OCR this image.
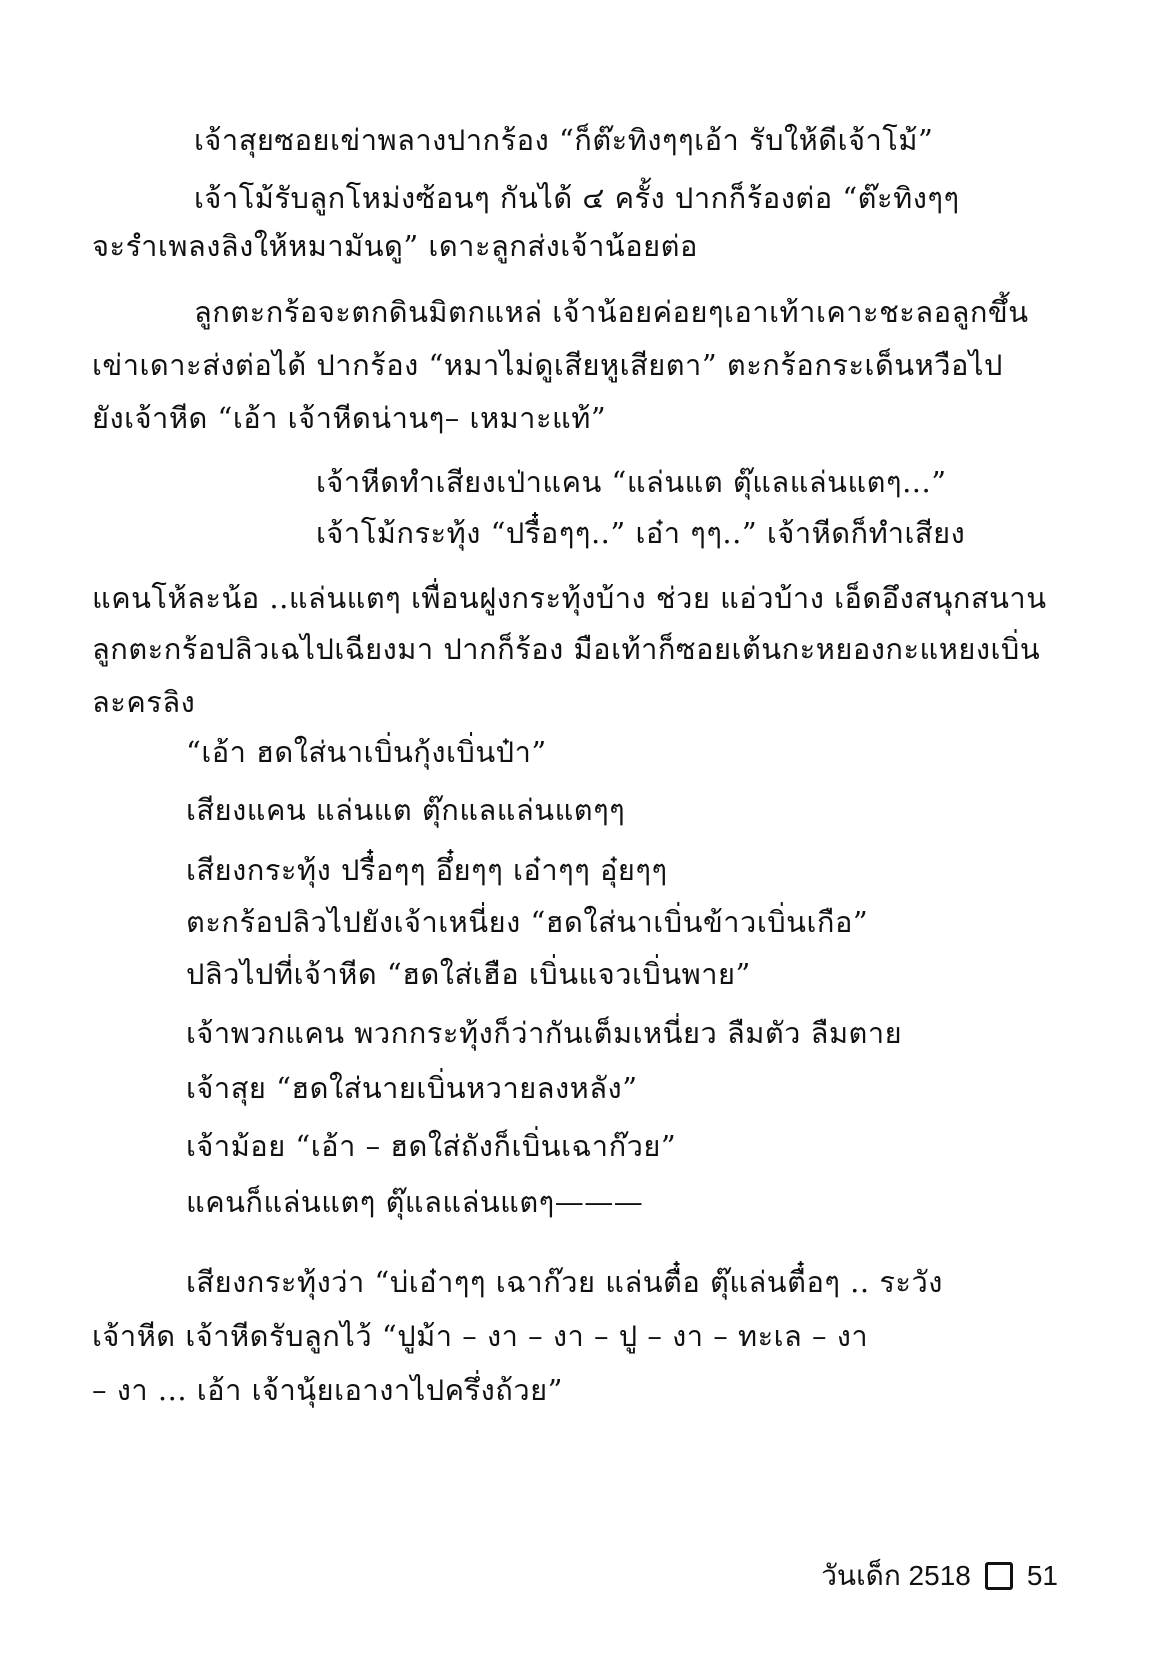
เจ้าสุยซอยเข่าพลางปากร้อง “ก็ต๊ะทิงๆๆเอ้า รับให้ดีเจ้าโม้”
เจ้าโม้รับลูกโหม่งซ้อนๆ กันได้ ๔ ครั้ง ปากก็ร้องต่อ “ต๊ะทิงๆๆ
จะรำเพลงลิงให้หมามันดู” เดาะลูกส่งเจ้าน้อยต่อ
ลูกตะกร้อจะตกดินมิตกแหล่ เจ้าน้อยค่อยๆเอาเท้าเคาะชะลอลูกขึ้น
เข่าเดาะส่งต่อได้ ปากร้อง “หมาไม่ดูเสียหูเสียตา” ตะกร้อกระเด็นหวือไป
ยังเจ้าหีด “เอ้า เจ้าหีดน่านๆ– เหมาะแท้”
เจ้าหีดทำเสียงเป่าแคน “แล่นแต ตุ๊แลแล่นแตๆ...”
เจ้าโม้กระทุ้ง “ปรื๋อๆๆ..” เอ๋า ๆๆ..” เจ้าหีดก็ทำเสียง
แคนโห้ละน้อ ..แล่นแตๆ เพื่อนฝูงกระทุ้งบ้าง ช่วย แอ่วบ้าง เอ็ดอึงสนุกสนาน
ลูกตะกร้อปลิวเฉไปเฉียงมา ปากก็ร้อง มือเท้าก็ซอยเต้นกะหยองกะแหยงเบิ่น
ละครลิง
“เอ้า ฮดใส่นาเบิ่นกุ้งเบิ่นป๋า”
เสียงแคน แล่นแต ตุ๊กแลแล่นแตๆๆ
เสียงกระทุ้ง ปรื๋อๆๆ อึ๋ยๆๆ เอ๋าๆๆ อุ๋ยๆๆ
ตะกร้อปลิวไปยังเจ้าเหนี่ยง “ฮดใส่นาเบิ่นข้าวเบิ่นเกือ”
ปลิวไปที่เจ้าหีด “ฮดใส่เฮือ เบิ่นแจวเบิ่นพาย”
เจ้าพวกแคน พวกกระทุ้งก็ว่ากันเต็มเหนี่ยว ลืมตัว ลืมตาย
เจ้าสุย “ฮดใส่นายเบิ่นหวายลงหลัง”
เจ้าม้อย “เอ้า – ฮดใส่ถังก็เบิ่นเฉาก๊วย”
แคนก็แล่นแตๆ ตุ๊แลแล่นแตๆ———
เสียงกระทุ้งว่า “บ่เอ๋าๆๆ เฉาก๊วย แล่นตื๋อ ตุ๊แล่นตื๋อๆ .. ระวัง
เจ้าหีด เจ้าหีดรับลูกไว้ “ปูม้า – งา – งา – ปู – งา – ทะเล – งา
– งา ... เอ้า เจ้านุ้ยเอางาไปครึ่งถ้วย”
วันเด็ก 2518 51
